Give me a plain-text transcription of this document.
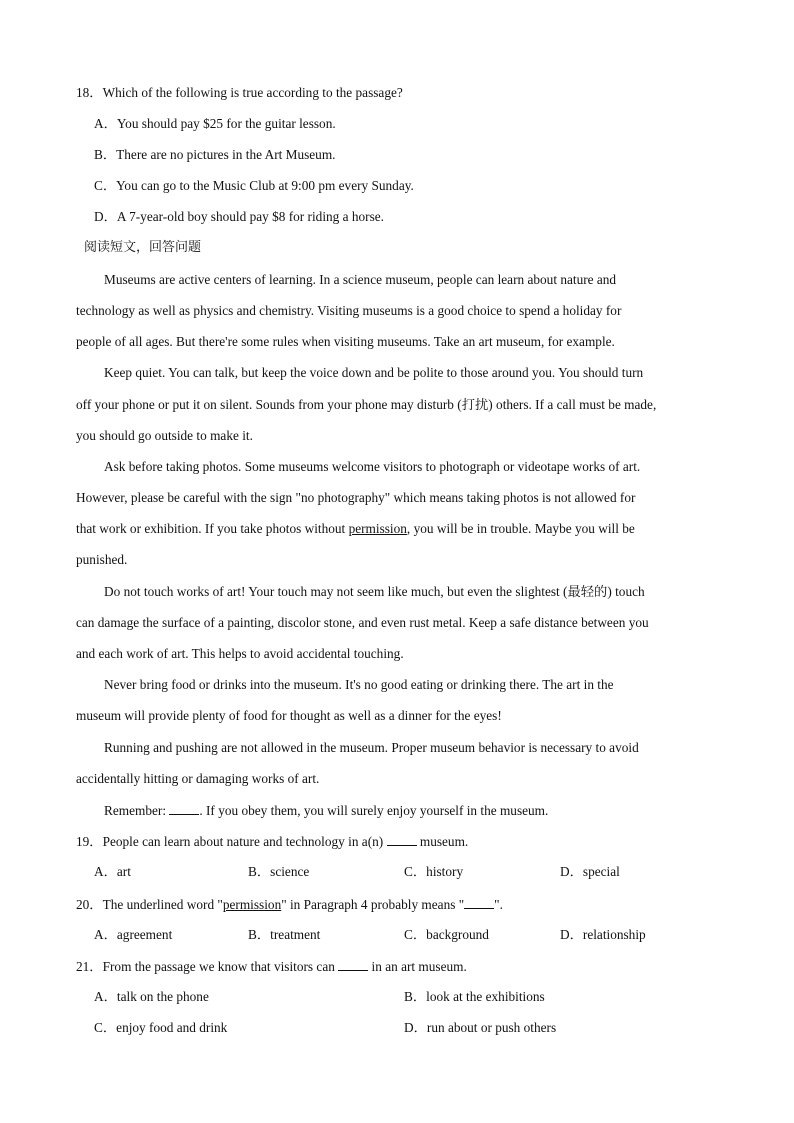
18．Which of the following is true according to the passage?
A．You should pay $25 for the guitar lesson.
B．There are no pictures in the Art Museum.
C．You can go to the Music Club at 9:00 pm every Sunday.
D．A 7-year-old boy should pay $8 for riding a horse.
阅读短文，回答问题
Museums are active centers of learning. In a science museum, people can learn about nature and
technology as well as physics and chemistry. Visiting museums is a good choice to spend a holiday for
people of all ages. But there're some rules when visiting museums. Take an art museum, for example.
Keep quiet. You can talk, but keep the voice down and be polite to those around you. You should turn
off your phone or put it on silent. Sounds from your phone may disturb (打扰) others. If a call must be made,
you should go outside to make it.
Ask before taking photos. Some museums welcome visitors to photograph or videotape works of art.
However, please be careful with the sign "no photography" which means taking photos is not allowed for
that work or exhibition. If you take photos without permission, you will be in trouble. Maybe you will be
punished.
Do not touch works of art! Your touch may not seem like much, but even the slightest (最轻的) touch
can damage the surface of a painting, discolor stone, and even rust metal. Keep a safe distance between you
and each work of art. This helps to avoid accidental touching.
Never bring food or drinks into the museum. It's no good eating or drinking there. The art in the
museum will provide plenty of food for thought as well as a dinner for the eyes!
Running and pushing are not allowed in the museum. Proper museum behavior is necessary to avoid
accidentally hitting or damaging works of art.
Remember: . If you obey them, you will surely enjoy yourself in the museum.
19．People can learn about nature and technology in a(n)  museum.
A．art	B．science	C．history	D．special
20．The underlined word "permission" in Paragraph 4 probably means " ".
A．agreement	B．treatment	C．background	D．relationship
21．From the passage we know that visitors can  in an art museum.
A．talk on the phone	B．look at the exhibitions
C．enjoy food and drink	D．run about or push others
